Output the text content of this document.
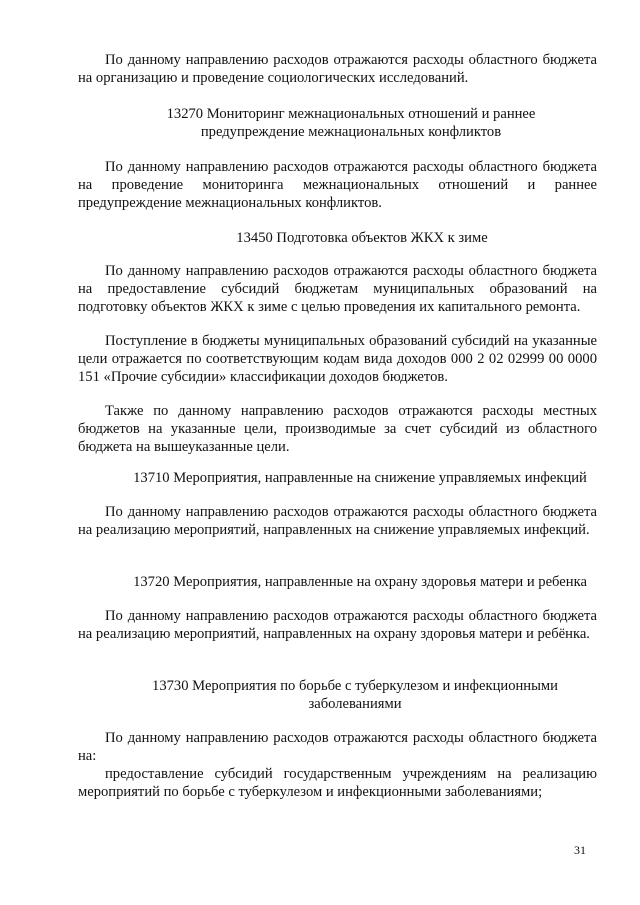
По данному направлению расходов отражаются расходы областного бюджета на организацию и проведение социологических исследований.

13270 Мониторинг межнациональных отношений и раннее
предупреждение межнациональных конфликтов

По данному направлению расходов отражаются расходы областного бюджета на проведение мониторинга межнациональных отношений и раннее предупреждение межнациональных конфликтов.

13450 Подготовка объектов ЖКХ к зиме

По данному направлению расходов отражаются расходы областного бюджета на предоставление субсидий бюджетам муниципальных образований на подготовку объектов ЖКХ к зиме с целью проведения их капитального ремонта.

Поступление в бюджеты муниципальных образований субсидий на указанные цели отражается по соответствующим кодам вида доходов 000 2 02 02999 00 0000 151 «Прочие субсидии» классификации доходов бюджетов.

Также по данному направлению расходов отражаются расходы местных бюджетов на указанные цели, производимые за счет субсидий из областного бюджета на вышеуказанные цели.

13710 Мероприятия, направленные на снижение управляемых инфекций

По данному направлению расходов отражаются расходы областного бюджета на реализацию мероприятий, направленных на снижение управляемых инфекций.

13720 Мероприятия, направленные на охрану здоровья матери и ребенка

По данному направлению расходов отражаются расходы областного бюджета на реализацию мероприятий, направленных на охрану здоровья матери и ребёнка.

13730 Мероприятия по борьбе с туберкулезом и инфекционными
заболеваниями

По данному направлению расходов отражаются расходы областного бюджета на:

предоставление субсидий государственным учреждениям на реализацию мероприятий по борьбе с туберкулезом и инфекционными заболеваниями;

31
